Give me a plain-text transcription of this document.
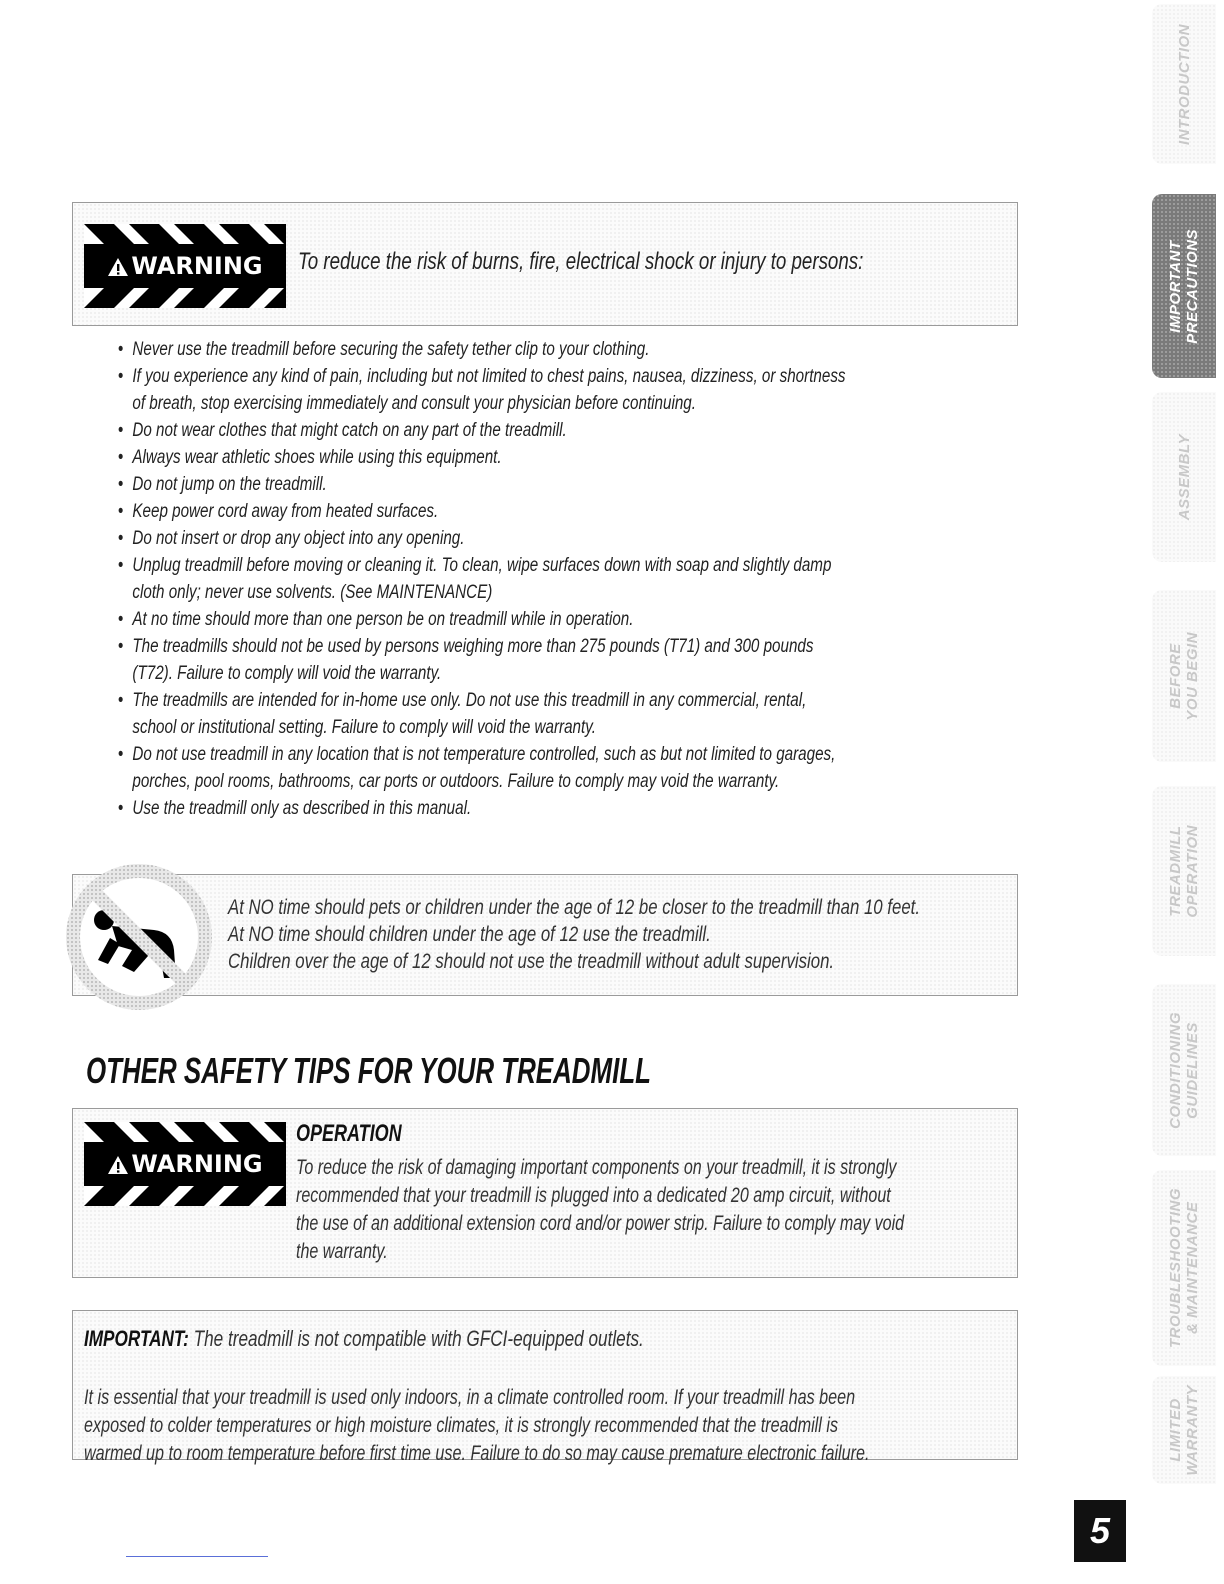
WARNING	To reduce the risk of burns, fire, electrical shock or injury to persons:
• Never use the treadmill before securing the safety tether clip to your clothing.
• If you experience any kind of pain, including but not limited to chest pains, nausea, dizziness, or shortness
of breath, stop exercising immediately and consult your physician before continuing.
• Do not wear clothes that might catch on any part of the treadmill.
• Always wear athletic shoes while using this equipment.
• Do not jump on the treadmill.
• Keep power cord away from heated surfaces.
• Do not insert or drop any object into any opening.
• Unplug treadmill before moving or cleaning it. To clean, wipe surfaces down with soap and slightly damp
cloth only; never use solvents. (See MAINTENANCE)
• At no time should more than one person be on treadmill while in operation.
• The treadmills should not be used by persons weighing more than 275 pounds (T71) and 300 pounds
(T72). Failure to comply will void the warranty.
• The treadmills are intended for in-home use only. Do not use this treadmill in any commercial, rental,
school or institutional setting. Failure to comply will void the warranty.
• Do not use treadmill in any location that is not temperature controlled, such as but not limited to garages,
porches, pool rooms, bathrooms, car ports or outdoors. Failure to comply may void the warranty.
• Use the treadmill only as described in this manual.
At NO time should pets or children under the age of 12 be closer to the treadmill than 10 feet.
At NO time should children under the age of 12 use the treadmill.
Children over the age of 12 should not use the treadmill without adult supervision.
OTHER SAFETY TIPS FOR YOUR TREADMILL
WARNING
OPERATION
To reduce the risk of damaging important components on your treadmill, it is strongly
recommended that your treadmill is plugged into a dedicated 20 amp circuit, without
the use of an additional extension cord and/or power strip. Failure to comply may void
the warranty.
IMPORTANT: The treadmill is not compatible with GFCI-equipped outlets.
It is essential that your treadmill is used only indoors, in a climate controlled room. If your treadmill has been
exposed to colder temperatures or high moisture climates, it is strongly recommended that the treadmill is
warmed up to room temperature before first time use. Failure to do so may cause premature electronic failure.
INTRODUCTION
IMPORTANT PRECAUTIONS
ASSEMBLY
BEFORE YOU BEGIN
TREADMILL OPERATION
CONDITIONING GUIDELINES
TROUBLESHOOTING & MAINTENANCE
LIMITED WARRANTY
5
